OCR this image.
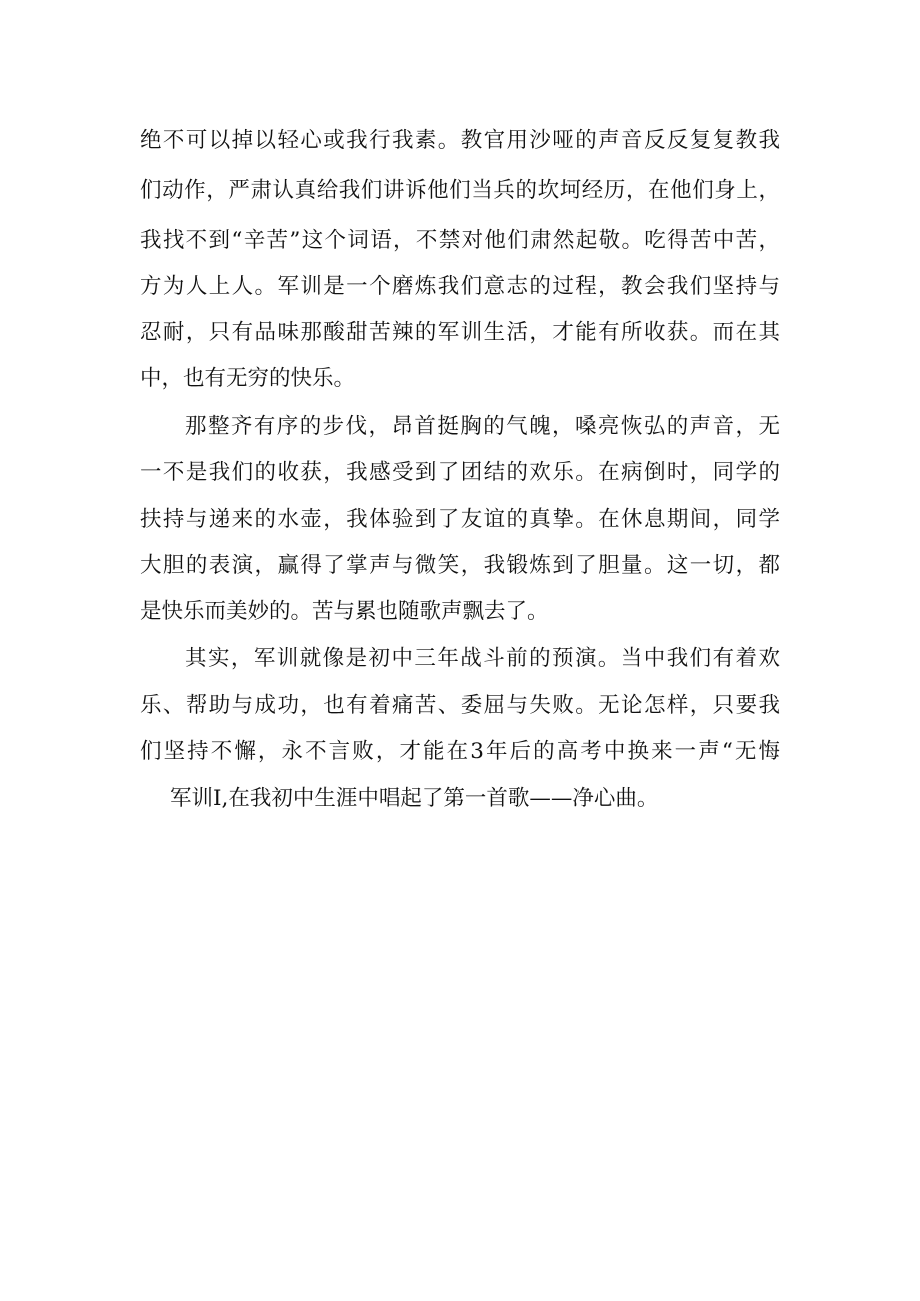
绝不可以掉以轻心或我行我素。教官用沙哑的声音反反复复教我
们动作，严肃认真给我们讲诉他们当兵的坎坷经历，在他们身上，
我找不到“辛苦”这个词语，不禁对他们肃然起敬。吃得苦中苦，
方为人上人。军训是一个磨炼我们意志的过程，教会我们坚持与
忍耐，只有品味那酸甜苦辣的军训生活，才能有所收获。而在其
中，也有无穷的快乐。
那整齐有序的步伐，昂首挺胸的气魄，嗓亮恢弘的声音，无
一不是我们的收获，我感受到了团结的欢乐。在病倒时，同学的
扶持与递来的水壶，我体验到了友谊的真挚。在休息期间，同学
大胆的表演，赢得了掌声与微笑，我锻炼到了胆量。这一切，都
是快乐而美妙的。苦与累也随歌声飘去了。
其实，军训就像是初中三年战斗前的预演。当中我们有着欢
乐、帮助与成功，也有着痛苦、委屈与失败。无论怎样，只要我
们坚持不懈，永不言败，才能在3年后的高考中换来一声“无悔
军训I,在我初中生涯中唱起了第一首歌——净心曲。
